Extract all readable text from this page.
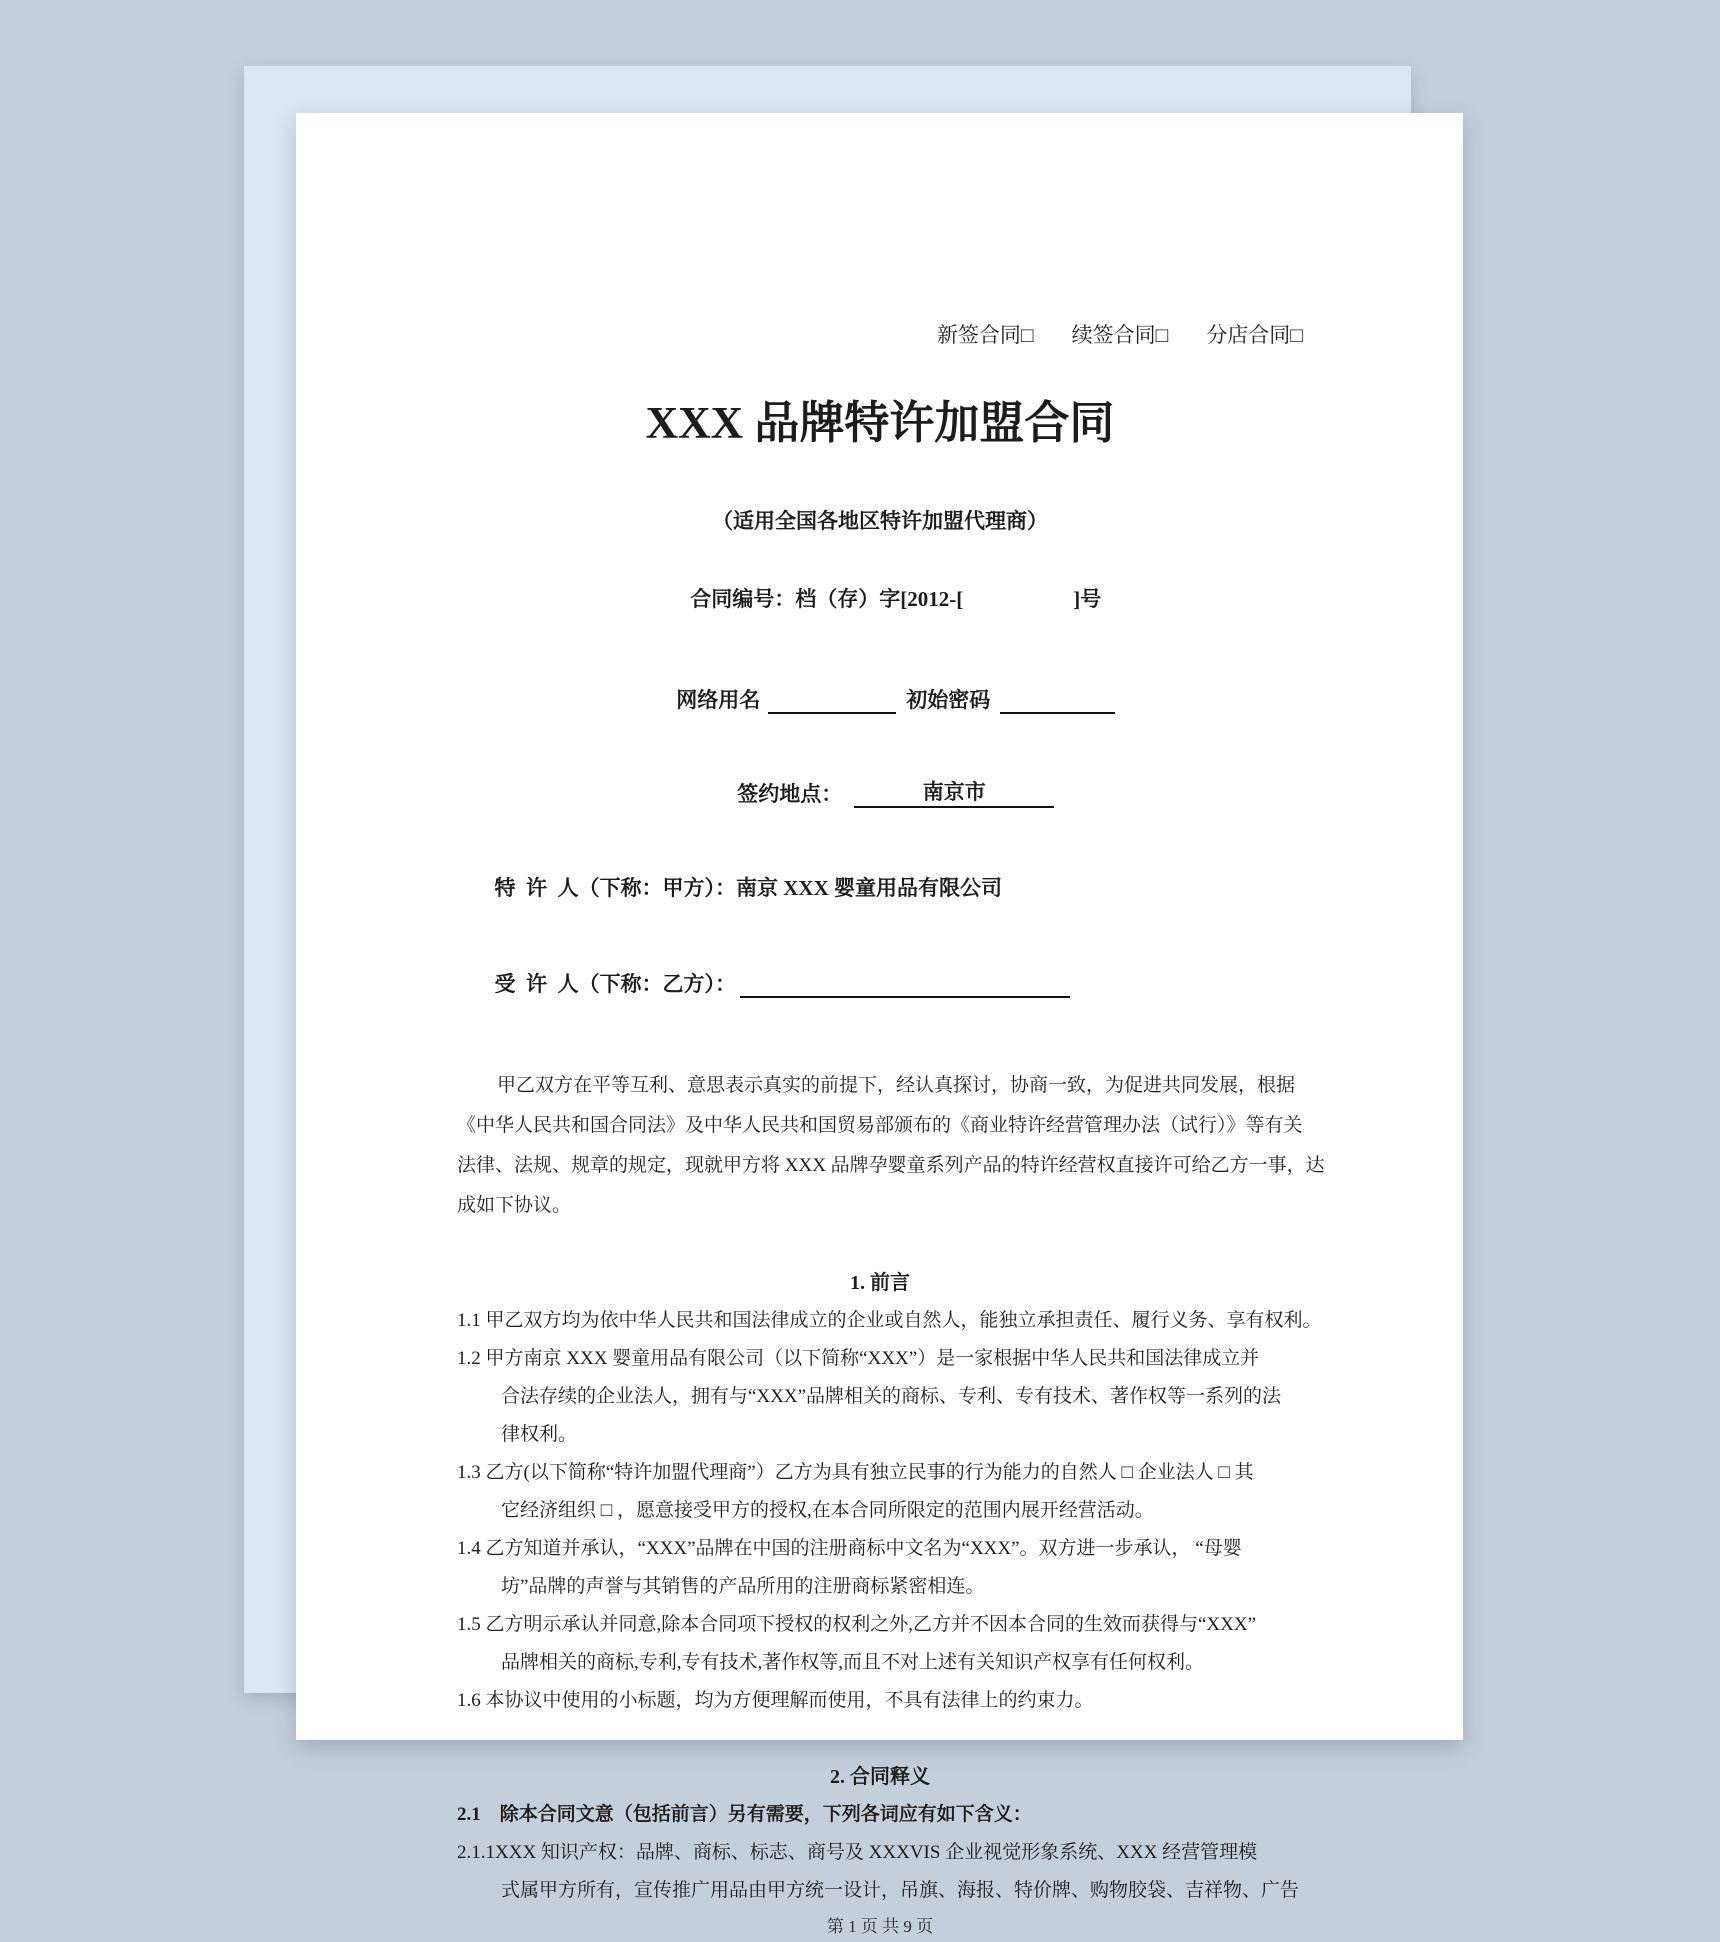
新签合同□ 续签合同□ 分店合同□
XXX 品牌特许加盟合同
（适用全国各地区特许加盟代理商）

合同编号：档（存）字[2012-[	]号

网络用名	初始密码

签约地点：	南京市

特  许  人（下称：甲方）：南京 XXX 婴童用品有限公司

受  许  人（下称：乙方）：

甲乙双方在平等互利、意思表示真实的前提下，经认真探讨，协商一致，为促进共同发展，根据
《中华人民共和国合同法》及中华人民共和国贸易部颁布的《商业特许经营管理办法（试行）》等有关
法律、法规、规章的规定，现就甲方将 XXX 品牌孕婴童系列产品的特许经营权直接许可给乙方一事，达
成如下协议。
1. 前言
1.1 甲乙双方均为依中华人民共和国法律成立的企业或自然人，能独立承担责任、履行义务、享有权利。
1.2 甲方南京 XXX 婴童用品有限公司（以下简称“XXX”）是一家根据中华人民共和国法律成立并
合法存续的企业法人，拥有与“XXX”品牌相关的商标、专利、专有技术、著作权等一系列的法
律权利。
1.3 乙方(以下简称“特许加盟代理商”）乙方为具有独立民事的行为能力的自然人 □ 企业法人 □ 其
它经济组织 □ ，愿意接受甲方的授权,在本合同所限定的范围内展开经营活动。
1.4 乙方知道并承认，“XXX”品牌在中国的注册商标中文名为“XXX”。双方进一步承认， “母婴
坊”品牌的声誉与其销售的产品所用的注册商标紧密相连。
1.5 乙方明示承认并同意,除本合同项下授权的权利之外,乙方并不因本合同的生效而获得与“XXX”
品牌相关的商标,专利,专有技术,著作权等,而且不对上述有关知识产权享有任何权利。
1.6 本协议中使用的小标题，均为方便理解而使用，不具有法律上的约束力。
2. 合同释义
2.1    除本合同文意（包括前言）另有需要，下列各词应有如下含义：
2.1.1XXX 知识产权：品牌、商标、标志、商号及 XXXVIS 企业视觉形象系统、XXX 经营管理模
式属甲方所有，宣传推广用品由甲方统一设计，吊旗、海报、特价牌、购物胶袋、吉祥物、广告
第 1 页 共 9 页
